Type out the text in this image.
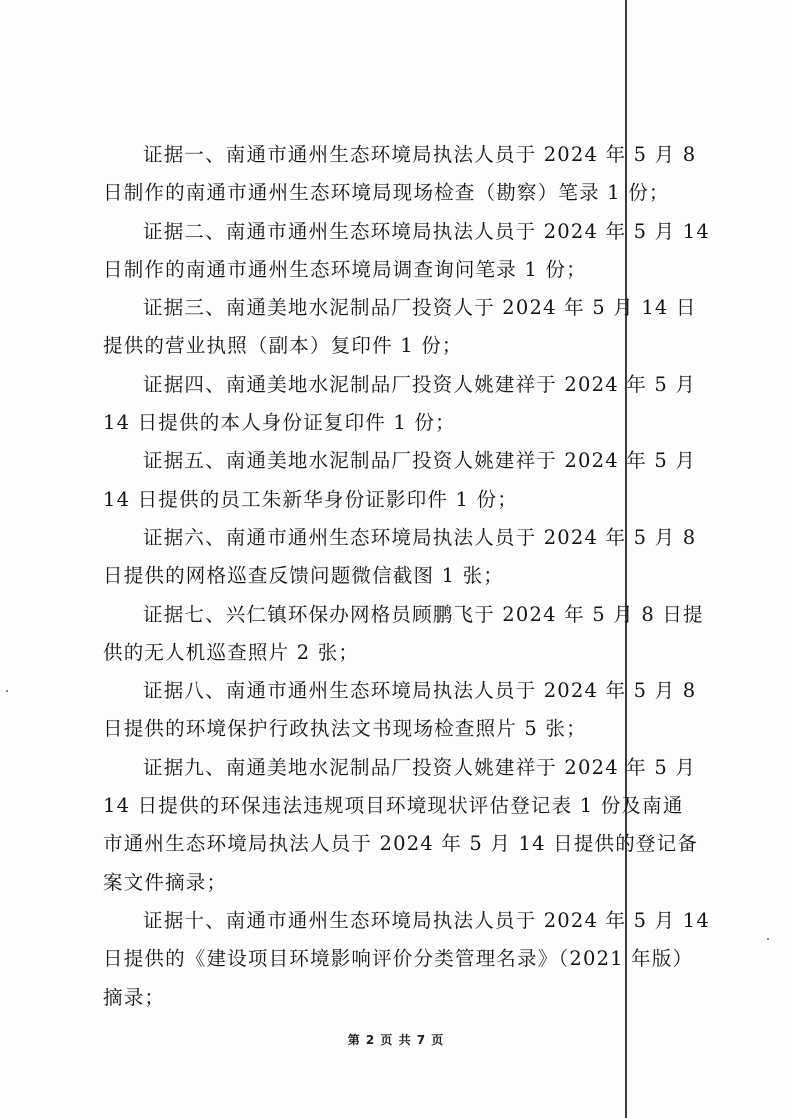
证据一、南通市通州生态环境局执法人员于 2024 年 5 月 8
日制作的南通市通州生态环境局现场检查（勘察）笔录 1 份；
证据二、南通市通州生态环境局执法人员于 2024 年 5 月 14
日制作的南通市通州生态环境局调查询问笔录 1 份；
证据三、南通美地水泥制品厂投资人于 2024 年 5 月 14 日
提供的营业执照（副本）复印件 1 份；
证据四、南通美地水泥制品厂投资人姚建祥于 2024 年 5 月
14 日提供的本人身份证复印件 1 份；
证据五、南通美地水泥制品厂投资人姚建祥于 2024 年 5 月
14 日提供的员工朱新华身份证影印件 1 份；
证据六、南通市通州生态环境局执法人员于 2024 年 5 月 8
日提供的网格巡查反馈问题微信截图 1 张；
证据七、兴仁镇环保办网格员顾鹏飞于 2024 年 5 月 8 日提
供的无人机巡查照片 2 张；
证据八、南通市通州生态环境局执法人员于 2024 年 5 月 8
日提供的环境保护行政执法文书现场检查照片 5 张；
证据九、南通美地水泥制品厂投资人姚建祥于 2024 年 5 月
14 日提供的环保违法违规项目环境现状评估登记表 1 份及南通
市通州生态环境局执法人员于 2024 年 5 月 14 日提供的登记备
案文件摘录；
证据十、南通市通州生态环境局执法人员于 2024 年 5 月 14
日提供的《建设项目环境影响评价分类管理名录》（2021 年版）
摘录；
第 2 页 共 7 页
